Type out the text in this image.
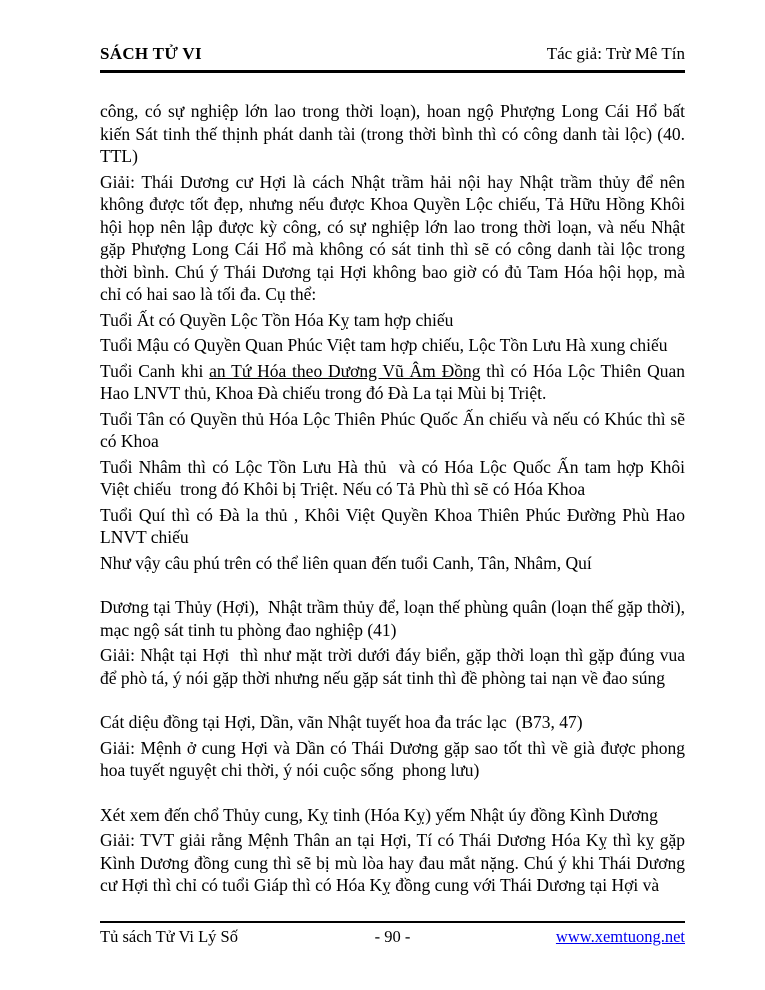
SÁCH TỬ VI	Tác giả: Trừ Mê Tín

công, có sự nghiệp lớn lao trong thời loạn), hoan ngộ Phượng Long Cái Hổ bất kiến Sát tinh thế thịnh phát danh tài (trong thời bình thì có công danh tài lộc) (40. TTL)

Giải: Thái Dương cư Hợi là cách Nhật trầm hải nội hay Nhật trầm thủy để nên không được tốt đẹp, nhưng nếu được Khoa Quyền Lộc chiếu, Tả Hữu Hồng Khôi hội họp nên lập được kỳ công, có sự nghiệp lớn lao trong thời loạn, và nếu Nhật gặp Phượng Long Cái Hổ mà không có sát tinh thì sẽ có công danh tài lộc trong thời bình. Chú ý Thái Dương tại Hợi không bao giờ có đủ Tam Hóa hội họp, mà chỉ có hai sao là tối đa. Cụ thể:

Tuổi Ất có Quyền Lộc Tồn Hóa Kỵ tam hợp chiếu

Tuổi Mậu có Quyền Quan Phúc Việt tam hợp chiếu, Lộc Tồn Lưu Hà xung chiếu

Tuổi Canh khi an Tứ Hóa theo Dương Vũ Âm Đồng thì có Hóa Lộc Thiên Quan Hao LNVT thủ, Khoa Đà chiếu trong đó Đà La tại Mùi bị Triệt.

Tuổi Tân có Quyền thủ Hóa Lộc Thiên Phúc Quốc Ấn chiếu và nếu có Khúc thì sẽ có Khoa

Tuổi Nhâm thì có Lộc Tồn Lưu Hà thủ  và có Hóa Lộc Quốc Ấn tam hợp Khôi Việt chiếu  trong đó Khôi bị Triệt. Nếu có Tả Phù thì sẽ có Hóa Khoa

Tuổi Quí thì có Đà la thủ , Khôi Việt Quyền Khoa Thiên Phúc Đường Phù Hao LNVT chiếu

Như vậy câu phú trên có thể liên quan đến tuổi Canh, Tân, Nhâm, Quí

Dương tại Thủy (Hợi),  Nhật trầm thủy để, loạn thế phùng quân (loạn thế gặp thời), mạc ngộ sát tinh tu phòng đao nghiệp (41)

Giải: Nhật tại Hợi  thì như mặt trời dưới đáy biển, gặp thời loạn thì gặp đúng vua để phò tá, ý nói gặp thời nhưng nếu gặp sát tinh thì đề phòng tai nạn về đao súng

Cát diệu đồng tại Hợi, Dần, vãn Nhật tuyết hoa đa trác lạc  (B73, 47)

Giải: Mệnh ở cung Hợi và Dần có Thái Dương gặp sao tốt thì về già được phong hoa tuyết nguyệt chi thời, ý nói cuộc sống  phong lưu)

Xét xem đến chổ Thủy cung, Kỵ tinh (Hóa Kỵ) yếm Nhật úy đồng Kình Dương

Giải: TVT giải rằng Mệnh Thân an tại Hợi, Tí có Thái Dương Hóa Kỵ thì kỵ gặp Kình Dương đồng cung thì sẽ bị mù lòa hay đau mắt nặng. Chú ý khi Thái Dương cư Hợi thì chỉ có tuổi Giáp thì có Hóa Kỵ đồng cung với Thái Dương tại Hợi và

Tủ sách Tử Vi Lý Số	- 90 -	www.xemtuong.net
